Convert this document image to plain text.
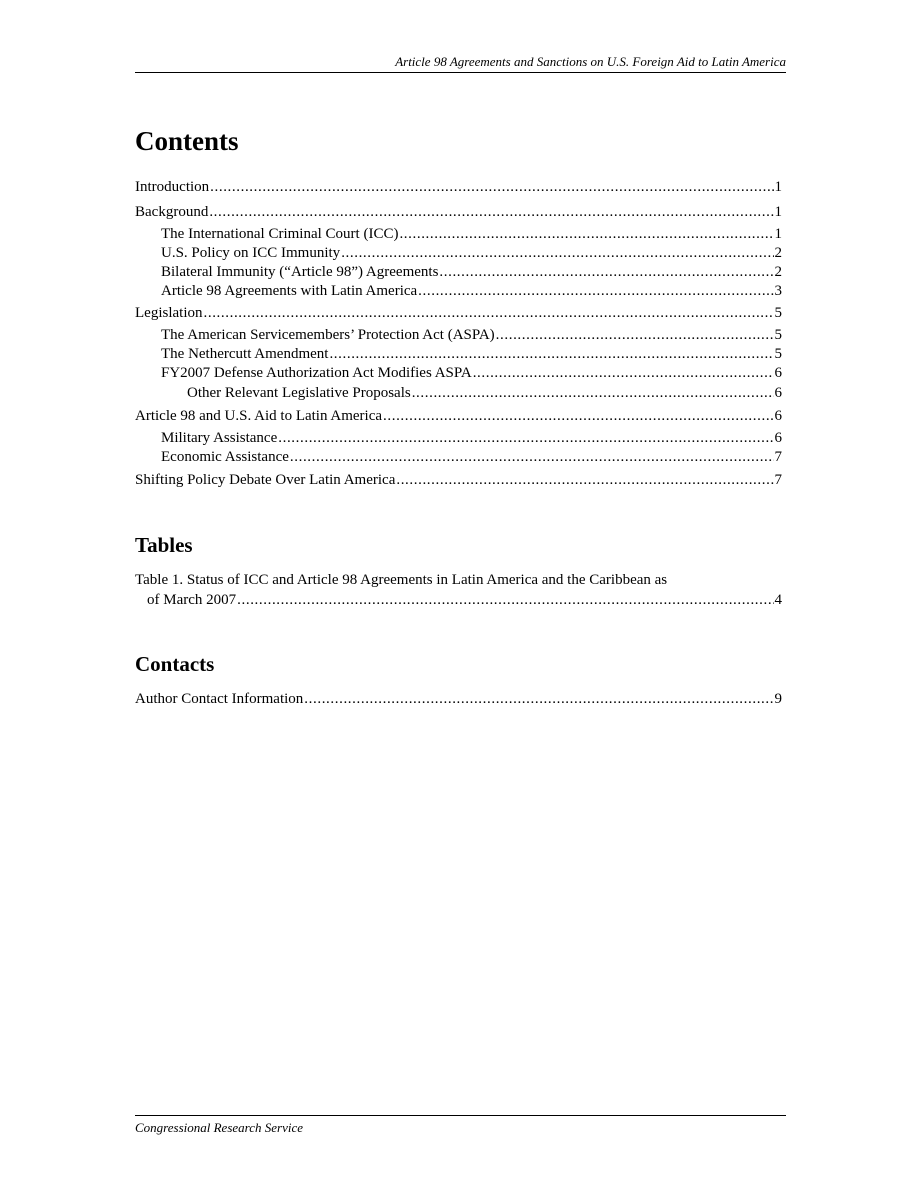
Article 98 Agreements and Sanctions on U.S. Foreign Aid to Latin America
Contents
Introduction .....	1
Background .....	1
The International Criminal Court (ICC) .....	1
U.S. Policy on ICC Immunity .....	2
Bilateral Immunity (“Article 98”) Agreements .....	2
Article 98 Agreements with Latin America .....	3
Legislation .....	5
The American Servicemembers’ Protection Act (ASPA) .....	5
The Nethercutt Amendment .....	5
FY2007 Defense Authorization Act Modifies ASPA .....	6
Other Relevant Legislative Proposals .....	6
Article 98 and U.S. Aid to Latin America .....	6
Military Assistance .....	6
Economic Assistance .....	7
Shifting Policy Debate Over Latin America .....	7
Tables
Table 1. Status of ICC and Article 98 Agreements in Latin America and the Caribbean as
of March 2007 .....	4
Contacts
Author Contact Information .....	9
Congressional Research Service
